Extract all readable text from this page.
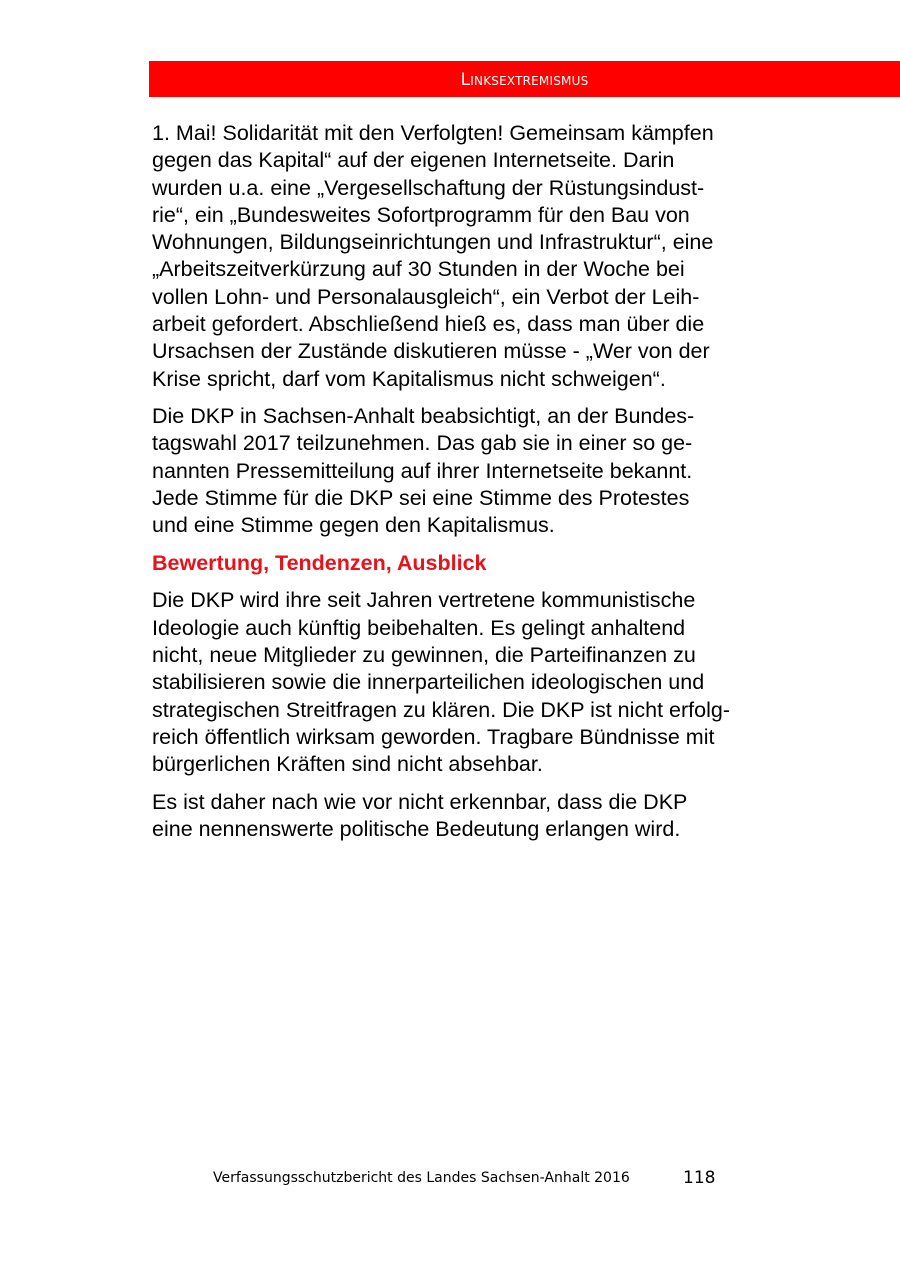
Linksextremismus

1. Mai! Solidarität mit den Verfolgten! Gemeinsam kämpfen
gegen das Kapital“ auf der eigenen Internetseite. Darin
wurden u.a. eine „Vergesellschaftung der Rüstungsindust-
rie“, ein „Bundesweites Sofortprogramm für den Bau von
Wohnungen, Bildungseinrichtungen und Infrastruktur“, eine
„Arbeitszeitverkürzung auf 30 Stunden in der Woche bei
vollen Lohn- und Personalausgleich“, ein Verbot der Leih-
arbeit gefordert. Abschließend hieß es, dass man über die
Ursachsen der Zustände diskutieren müsse - „Wer von der
Krise spricht, darf vom Kapitalismus nicht schweigen“.

Die DKP in Sachsen-Anhalt beabsichtigt, an der Bundes-
tagswahl 2017 teilzunehmen. Das gab sie in einer so ge-
nannten Pressemitteilung auf ihrer Internetseite bekannt.
Jede Stimme für die DKP sei eine Stimme des Protestes
und eine Stimme gegen den Kapitalismus.

Bewertung, Tendenzen, Ausblick

Die DKP wird ihre seit Jahren vertretene kommunistische
Ideologie auch künftig beibehalten. Es gelingt anhaltend
nicht, neue Mitglieder zu gewinnen, die Parteifinanzen zu
stabilisieren sowie die innerparteilichen ideologischen und
strategischen Streitfragen zu klären. Die DKP ist nicht erfolg-
reich öffentlich wirksam geworden. Tragbare Bündnisse mit
bürgerlichen Kräften sind nicht absehbar.

Es ist daher nach wie vor nicht erkennbar, dass die DKP
eine nennenswerte politische Bedeutung erlangen wird.

Verfassungsschutzbericht des Landes Sachsen-Anhalt 2016	118
